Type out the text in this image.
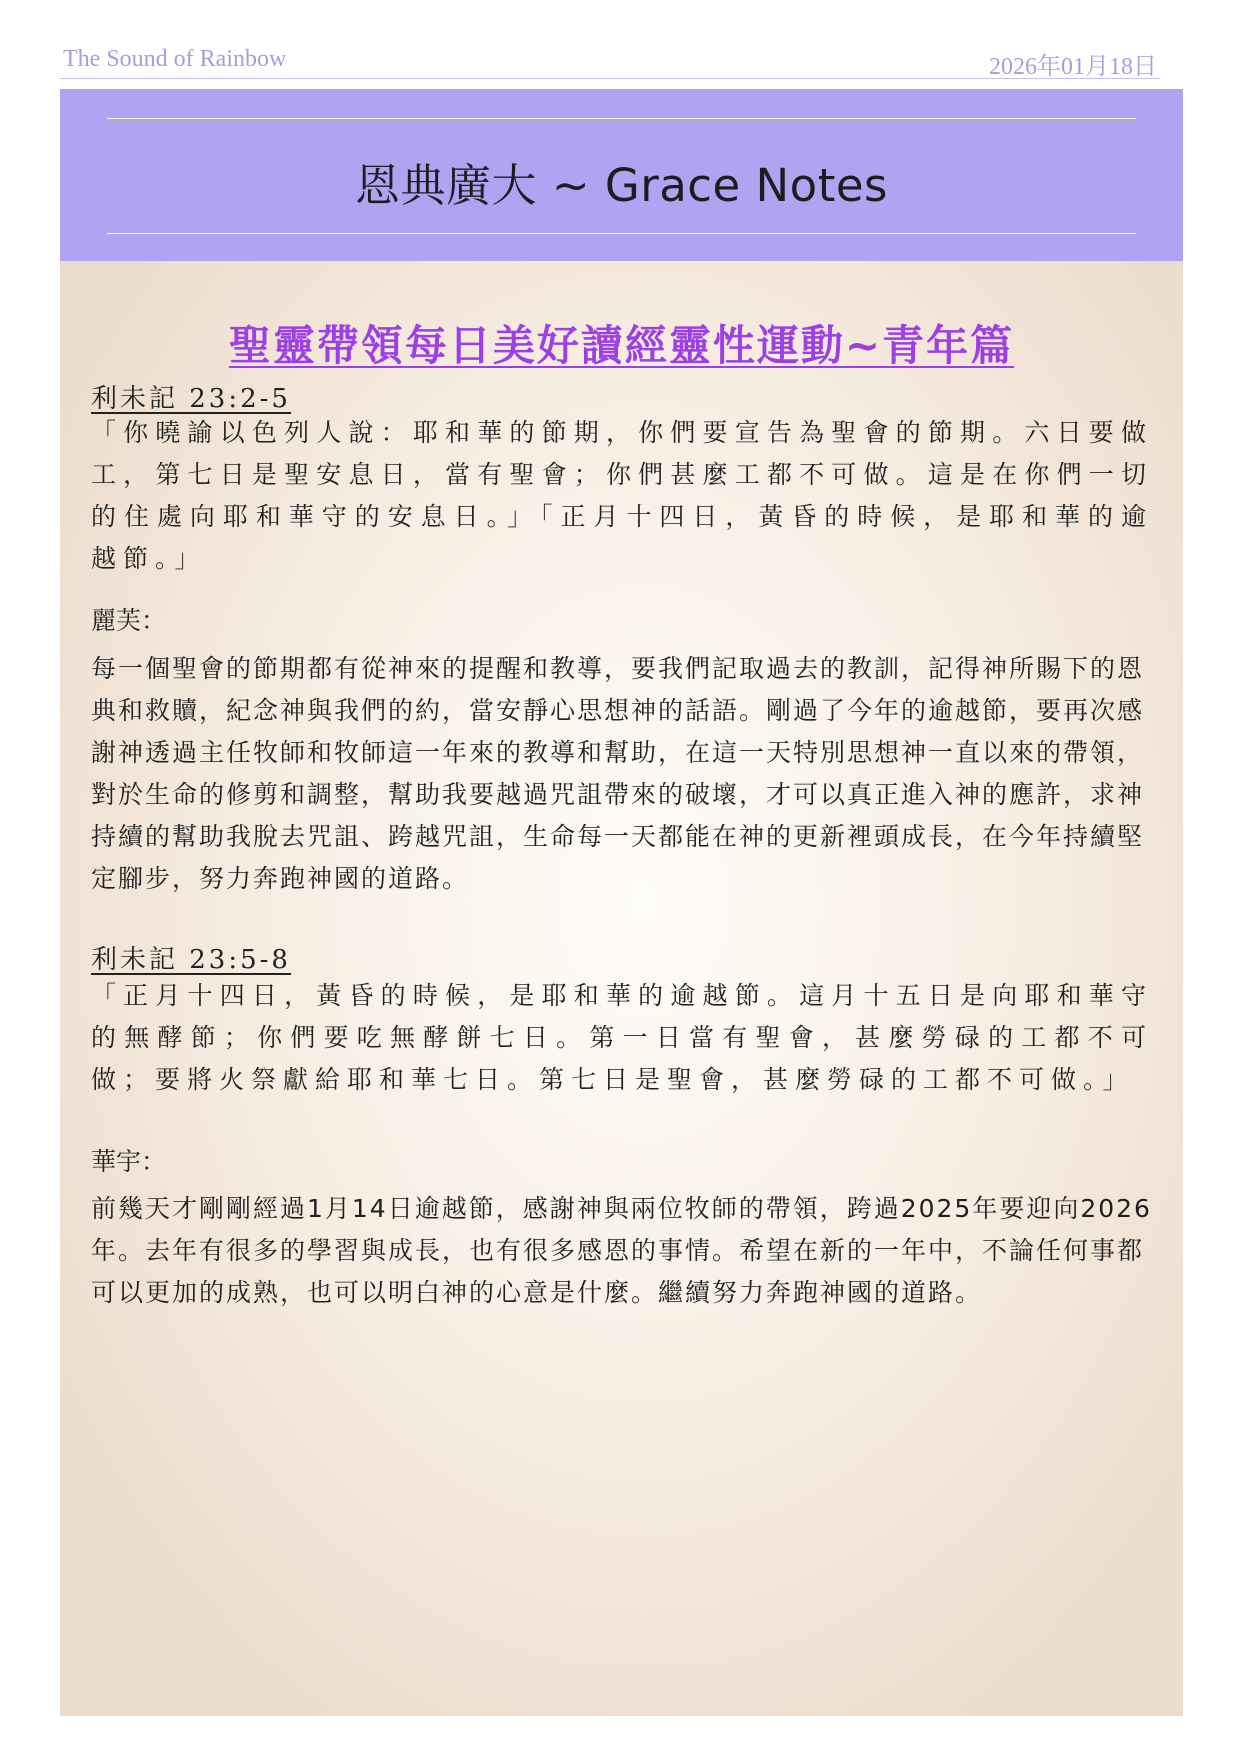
The Sound of Rainbow	2026年01月18日
恩典廣大 ~ Grace Notes
聖靈帶領每日美好讀經靈性運動~青年篇
利未記 23:2-5

「你曉諭以色列人說：耶和華的節期，你們要宣告為聖會的節期。六日要做工，第七日是聖安息日，當有聖會；你們甚麼工都不可做。這是在你們一切的住處向耶和華守的安息日。」「正月十四日，黃昏的時候，是耶和華的逾越節。」

麗芙：

每一個聖會的節期都有從神來的提醒和教導，要我們記取過去的教訓，記得神所賜下的恩典和救贖，紀念神與我們的約，當安靜心思想神的話語。剛過了今年的逾越節，要再次感謝神透過主任牧師和牧師這一年來的教導和幫助，在這一天特別思想神一直以來的帶領，對於生命的修剪和調整，幫助我要越過咒詛帶來的破壞，才可以真正進入神的應許，求神持續的幫助我脫去咒詛、跨越咒詛，生命每一天都能在神的更新裡頭成長，在今年持續堅定腳步，努力奔跑神國的道路。

利未記 23:5-8

「正月十四日，黃昏的時候，是耶和華的逾越節。這月十五日是向耶和華守的無酵節；你們要吃無酵餅七日。第一日當有聖會，甚麼勞碌的工都不可做；要將火祭獻給耶和華七日。第七日是聖會，甚麼勞碌的工都不可做。」

華宇：

前幾天才剛剛經過1月14日逾越節，感謝神與兩位牧師的帶領，跨過2025年要迎向2026年。去年有很多的學習與成長，也有很多感恩的事情。希望在新的一年中，不論任何事都可以更加的成熟，也可以明白神的心意是什麼。繼續努力奔跑神國的道路。
